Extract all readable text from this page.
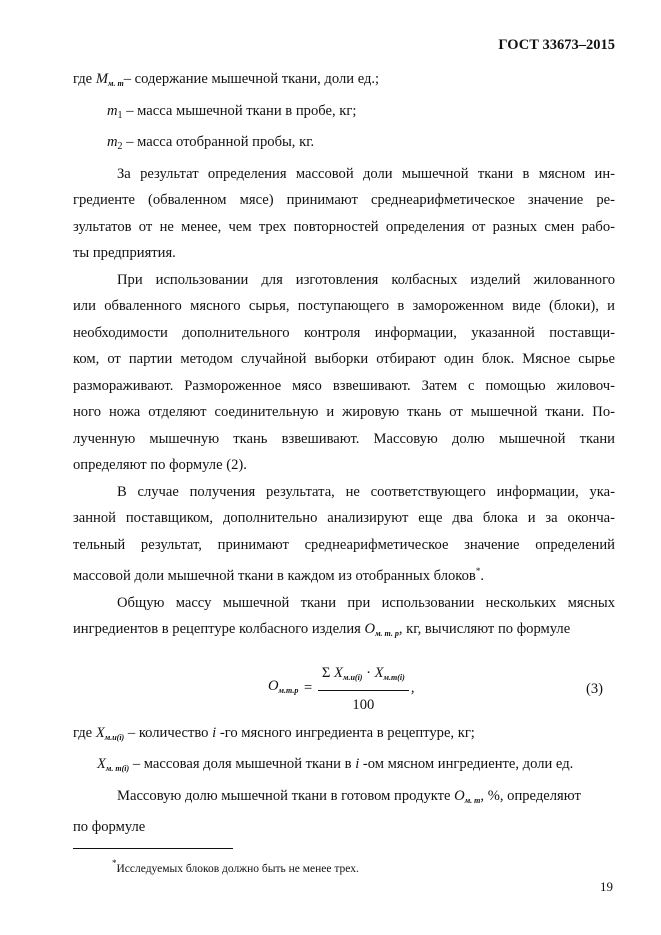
ГОСТ 33673–2015
где $M_{м. т}-$ содержание мышечной ткани, доли ед.;
$m_1$ – масса мышечной ткани в пробе, кг;
$m_2$ – масса отобранной пробы, кг.

За результат определения массовой доли мышечной ткани в мясном ин-
гредиенте (обваленном мясе) принимают среднеарифметическое значение ре-
зультатов от не менее, чем трех повторностей определения от разных смен рабо-
ты предприятия.

При использовании для изготовления колбасных изделий жилованного
или обваленного мясного сырья, поступающего в замороженном виде (блоки), и
необходимости дополнительного контроля информации, указанной поставщи-
ком, от партии методом случайной выборки отбирают один блок. Мясное сырье
размораживают. Размороженное мясо взвешивают. Затем с помощью жиловоч-
ного ножа отделяют соединительную и жировую ткань от мышечной ткани. По-
лученную мышечную ткань взвешивают. Массовую долю мышечной ткани
определяют по формуле (2).

В случае получения результата, не соответствующего информации, ука-
занной поставщиком, дополнительно анализируют еще два блока и за оконча-
тельный результат, принимают среднеарифметическое значение определений
массовой доли мышечной ткани в каждом из отобранных блоков*.

Общую массу мышечной ткани при использовании нескольких мясных
ингредиентов в рецептуре колбасного изделия $O_{м. т. р}$, кг, вычисляют по формуле

$O_{м.т.р} = \frac{\Sigma X_{м.и(i)} \cdot X_{м.т(i)}}{100}$ ,	(3)
где $X_{м.и(i)}$ – количество i -го мясного ингредиента в рецептуре, кг;
$X_{м. т(i)}$ – массовая доля мышечной ткани в i -ом мясном ингредиенте, доли ед.

Массовую долю мышечной ткани в готовом продукте $O_{м. т}$, %, определяют
по формуле

*Исследуемых блоков должно быть не менее трех.
19
